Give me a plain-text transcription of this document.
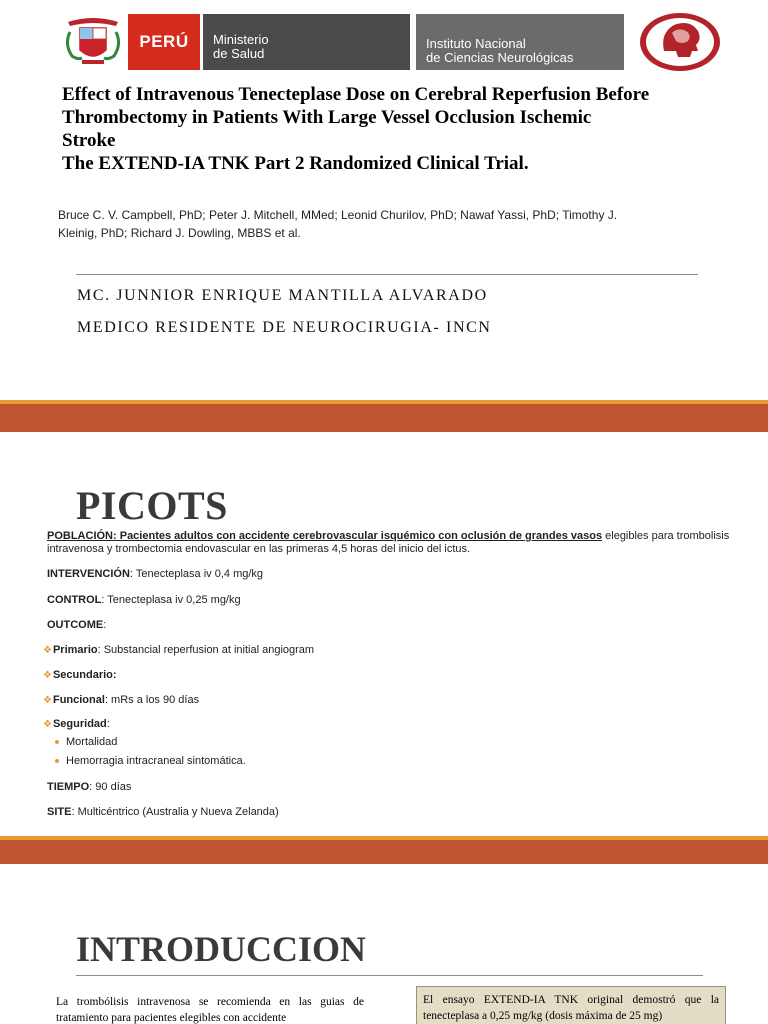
PERÚ	Ministerio
de Salud
Instituto Nacional
de Ciencias Neurológicas
Effect of Intravenous Tenecteplase Dose on Cerebral Reperfusion Before
Thrombectomy in Patients With Large Vessel Occlusion Ischemic
Stroke
The EXTEND-IA TNK Part 2 Randomized Clinical Trial.
Bruce C. V. Campbell, PhD; Peter J. Mitchell, MMed; Leonid Churilov, PhD; Nawaf Yassi, PhD; Timothy J.
Kleinig, PhD; Richard J. Dowling, MBBS et al.
MC. JUNNIOR ENRIQUE MANTILLA ALVARADO
MEDICO RESIDENTE DE NEUROCIRUGIA- INCN
PICOTS
POBLACIÓN: Pacientes adultos con accidente cerebrovascular isquémico con oclusión de grandes vasos elegibles para trombolisis
intravenosa y trombectomia endovascular en las primeras 4,5 horas del inicio del ictus.
INTERVENCIÓN: Tenecteplasa iv 0,4 mg/kg
CONTROL: Tenecteplasa iv 0,25 mg/kg
OUTCOME:
❖Primario: Substancial reperfusion at initial angiogram
❖Secundario:
❖Funcional: mRs a los 90 días
❖Seguridad:
Mortalidad
Hemorragia intracraneal sintomática.
TIEMPO: 90 días
SITE: Multicéntrico (Australia y Nueva Zelanda)
INTRODUCCION
La trombólisis intravenosa se recomienda en las guias de tratamiento para pacientes elegibles con accidente
El ensayo EXTEND-IA TNK original demostró que la tenecteplasa a 0,25 mg/kg (dosis máxima de 25 mg)
